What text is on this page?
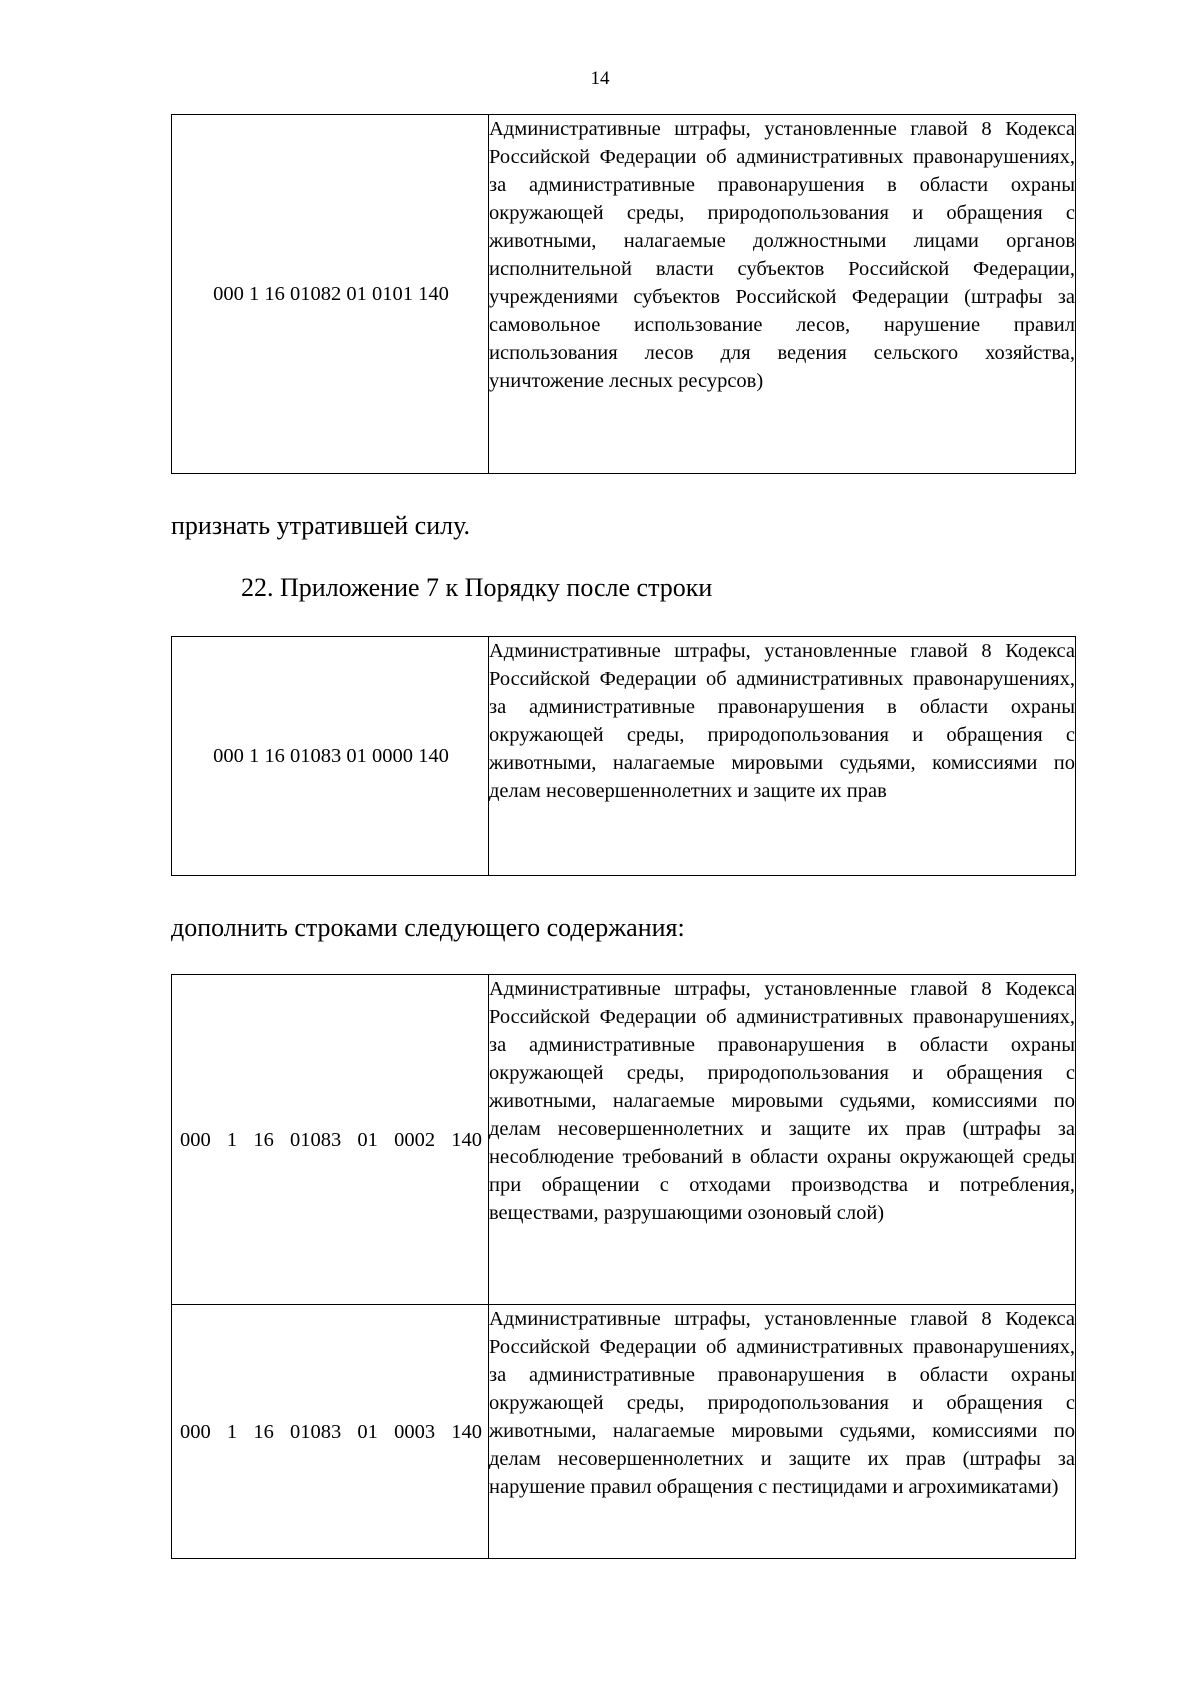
14
000 1 16 01082 01 0101 140
	Административные штрафы, установленные главой 8 Кодекса Российской Федерации об административных правонарушениях, за административные правонарушения в области охраны окружающей среды, природопользования и обращения с животными, налагаемые должностными лицами органов исполнительной власти субъектов Российской Федерации, учреждениями субъектов Российской Федерации (штрафы за самовольное использование лесов, нарушение правил использования лесов для ведения сельского хозяйства, уничтожение лесных ресурсов)
признать утратившей силу.
22. Приложение 7 к Порядку после строки
000 1 16 01083 01 0000 140
	Административные штрафы, установленные главой 8 Кодекса Российской Федерации об административных правонарушениях, за административные правонарушения в области охраны окружающей среды, природопользования и обращения с животными, налагаемые мировыми судьями, комиссиями по делам несовершеннолетних и защите их прав
дополнить строками следующего содержания:
000 1 16 01083 01 0002 140	Административные штрафы, установленные главой 8 Кодекса Российской Федерации об административных правонарушениях, за административные правонарушения в области охраны окружающей среды, природопользования и обращения с животными, налагаемые мировыми судьями, комиссиями по делам несовершеннолетних и защите их прав (штрафы за несоблюдение требований в области охраны окружающей среды при обращении с отходами производства и потребления, веществами, разрушающими озоновый слой)

000 1 16 01083 01 0003 140	Административные штрафы, установленные главой 8 Кодекса Российской Федерации об административных правонарушениях, за административные правонарушения в области охраны окружающей среды, природопользования и обращения с животными, налагаемые мировыми судьями, комиссиями по делам несовершеннолетних и защите их прав (штрафы за нарушение правил обращения с пестицидами и агрохимикатами)
